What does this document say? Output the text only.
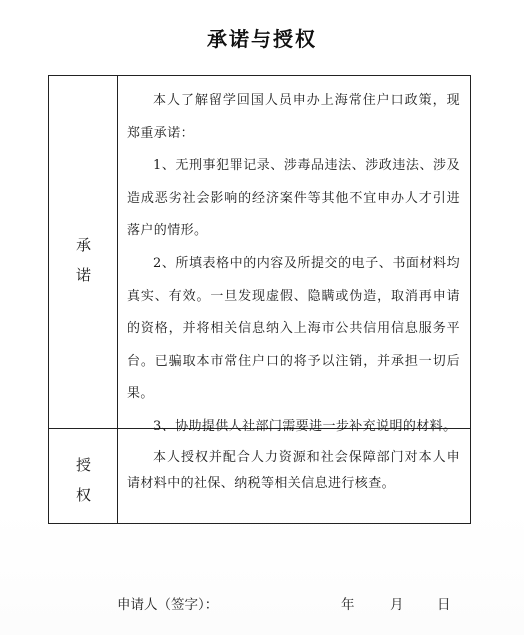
承诺与授权
承
诺

本人了解留学回国人员申办上海常住户口政策，现郑重承诺：

1、无刑事犯罪记录、涉毒品违法、涉政违法、涉及造成恶劣社会影响的经济案件等其他不宜申办人才引进落户的情形。

2、所填表格中的内容及所提交的电子、书面材料均真实、有效。一旦发现虚假、隐瞒或伪造，取消再申请的资格，并将相关信息纳入上海市公共信用信息服务平台。已骗取本市常住户口的将予以注销，并承担一切后果。

3、协助提供人社部门需要进一步补充说明的材料。

授
权

本人授权并配合人力资源和社会保障部门对本人申请材料中的社保、纳税等相关信息进行核查。

申请人（签字）：	年	月 日
